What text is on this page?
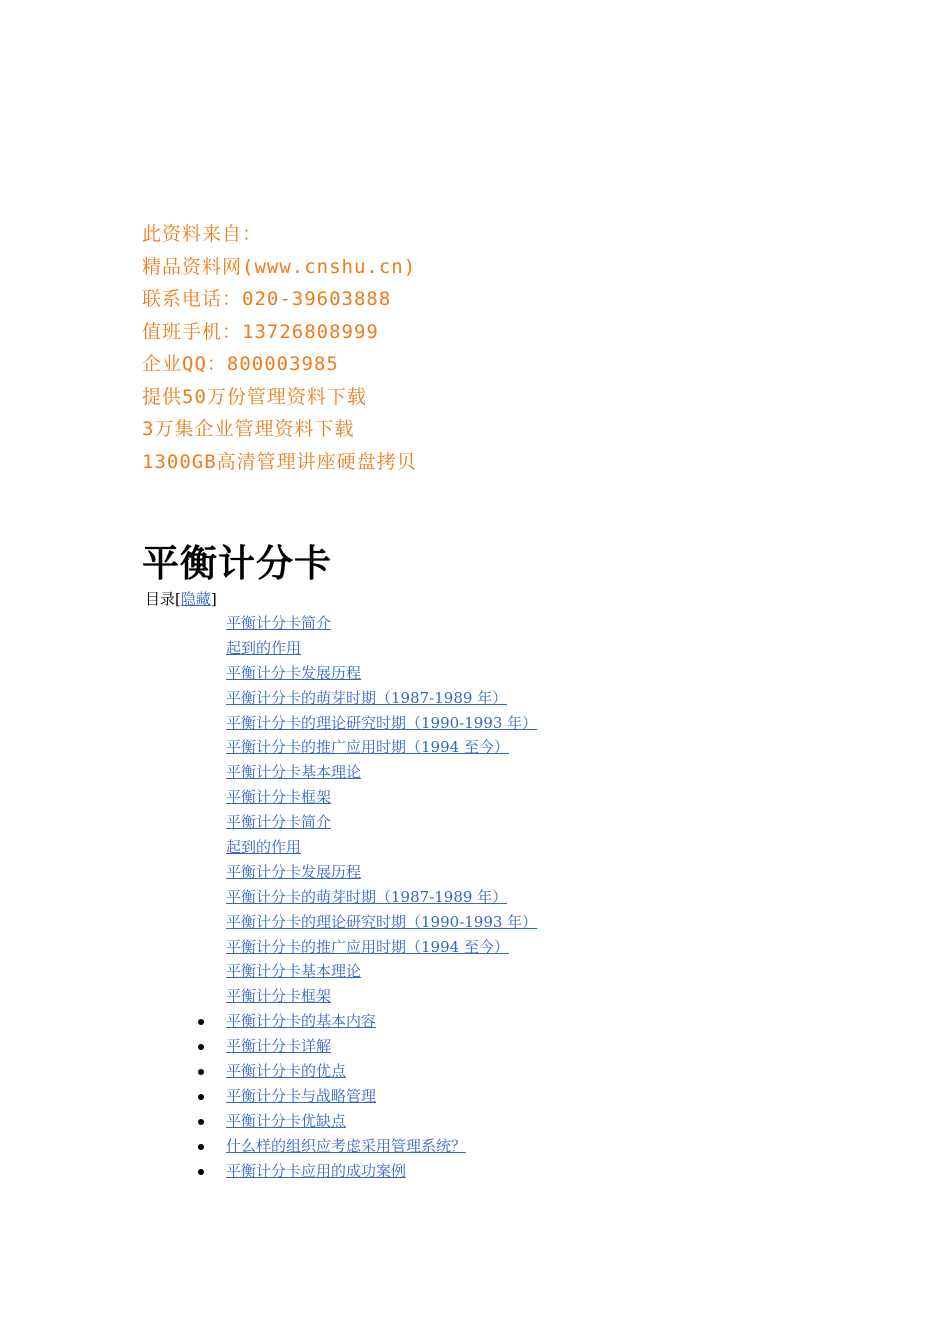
此资料来自：
精品资料网(www.cnshu.cn)
联系电话：020-39603888
值班手机：13726808999
企业QQ：800003985
提供50万份管理资料下载
3万集企业管理资料下载
1300GB高清管理讲座硬盘拷贝
平衡计分卡
目录[隐藏]
平衡计分卡简介
起到的作用
平衡计分卡发展历程
平衡计分卡的萌芽时期（1987-1989 年）
平衡计分卡的理论研究时期（1990-1993 年）
平衡计分卡的推广应用时期（1994 至今）
平衡计分卡基本理论
平衡计分卡框架
平衡计分卡简介
起到的作用
平衡计分卡发展历程
平衡计分卡的萌芽时期（1987-1989 年）
平衡计分卡的理论研究时期（1990-1993 年）
平衡计分卡的推广应用时期（1994 至今）
平衡计分卡基本理论
平衡计分卡框架
平衡计分卡的基本内容
平衡计分卡详解
平衡计分卡的优点
平衡计分卡与战略管理
平衡计分卡优缺点
什么样的组织应考虑采用管理系统？
平衡计分卡应用的成功案例
